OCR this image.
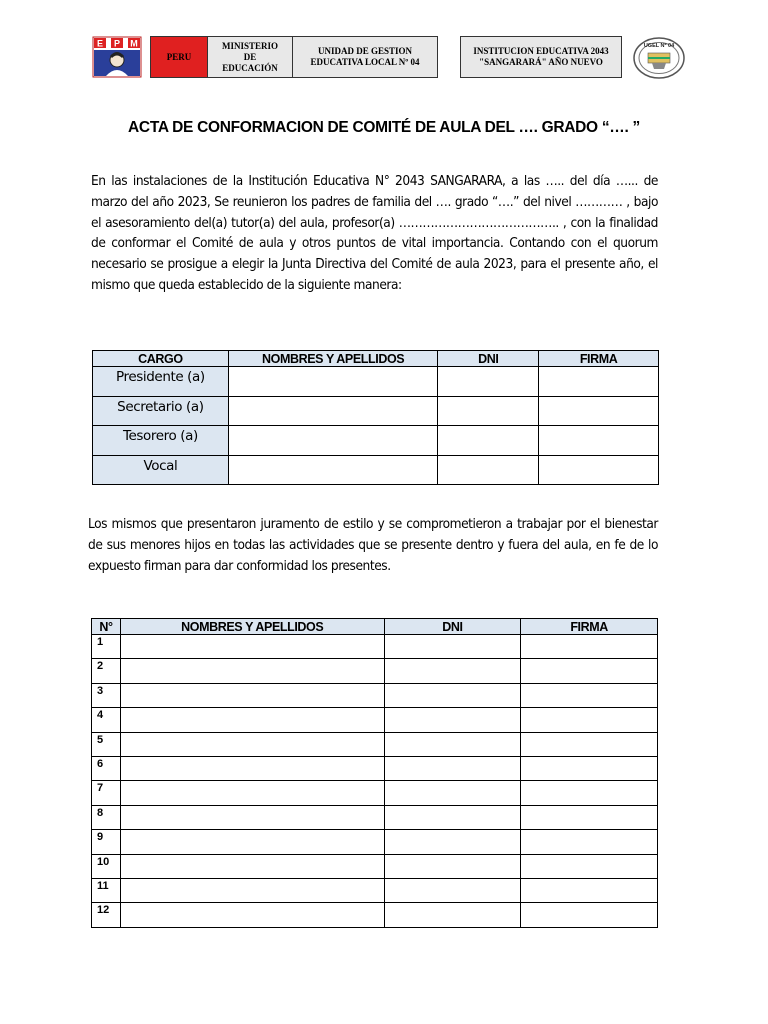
E P M
PERU	
MINISTERIO
DE
EDUCACIÓN

UNIDAD DE GESTION
EDUCATIVA LOCAL Nº 04

INSTITUCION EDUCATIVA 2043
"SANGARARÁ" AÑO NUEVO
UGEL Nº 04
ACTA DE CONFORMACION DE COMITÉ DE AULA DEL …. GRADO “…. ”
En las instalaciones de la Institución Educativa N° 2043 SANGARARA, a las ….. del día …... de marzo del año 2023, Se reunieron los padres de familia del …. grado “….” del nivel ………… , bajo el asesoramiento del(a) tutor(a) del aula, profesor(a) ………………………………….. , con la finalidad de conformar el Comité de aula y otros puntos de vital importancia. Contando con el quorum necesario se prosigue a elegir la Junta Directiva del Comité de aula 2023, para el presente año, el mismo que queda establecido de la siguiente manera:
CARGO	NOMBRES Y APELLIDOS	DNI	FIRMA
Presidente (a)			
Secretario (a)			
Tesorero (a)			
Vocal			
Los mismos que presentaron juramento de estilo y se comprometieron a trabajar por el bienestar de sus menores hijos en todas las actividades que se presente dentro y fuera del aula, en fe de lo expuesto firman para dar conformidad los presentes.
N°	NOMBRES Y APELLIDOS	DNI	FIRMA
1			
2			
3			
4			
5			
6			
7			
8			
9			
10			
11			
12			
